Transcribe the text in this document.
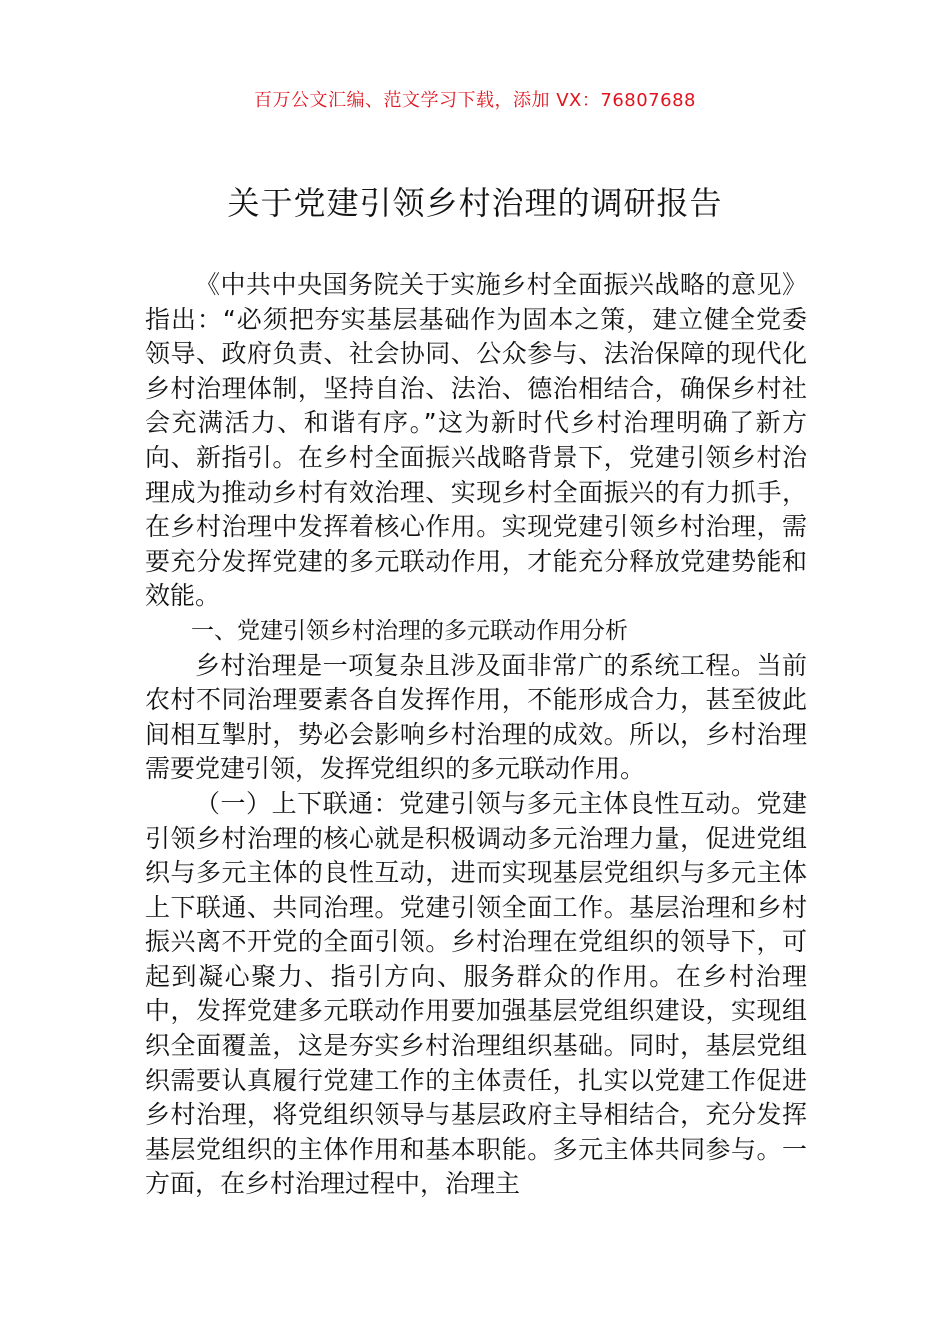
百万公文汇编、范文学习下载，添加 VX：76807688
关于党建引领乡村治理的调研报告

《中共中央国务院关于实施乡村全面振兴战略的意见》指出：“必须把夯实基层基础作为固本之策，建立健全党委领导、政府负责、社会协同、公众参与、法治保障的现代化乡村治理体制，坚持自治、法治、德治相结合，确保乡村社会充满活力、和谐有序。”这为新时代乡村治理明确了新方向、新指引。在乡村全面振兴战略背景下，党建引领乡村治理成为推动乡村有效治理、实现乡村全面振兴的有力抓手，在乡村治理中发挥着核心作用。实现党建引领乡村治理，需要充分发挥党建的多元联动作用，才能充分释放党建势能和效能。

一、党建引领乡村治理的多元联动作用分析

乡村治理是一项复杂且涉及面非常广的系统工程。当前农村不同治理要素各自发挥作用，不能形成合力，甚至彼此间相互掣肘，势必会影响乡村治理的成效。所以，乡村治理需要党建引领，发挥党组织的多元联动作用。

（一）上下联通：党建引领与多元主体良性互动。党建引领乡村治理的核心就是积极调动多元治理力量，促进党组织与多元主体的良性互动，进而实现基层党组织与多元主体上下联通、共同治理。党建引领全面工作。基层治理和乡村振兴离不开党的全面引领。乡村治理在党组织的领导下，可起到凝心聚力、指引方向、服务群众的作用。在乡村治理中，发挥党建多元联动作用要加强基层党组织建设，实现组织全面覆盖，这是夯实乡村治理组织基础。同时，基层党组织需要认真履行党建工作的主体责任，扎实以党建工作促进乡村治理，将党组织领导与基层政府主导相结合，充分发挥基层党组织的主体作用和基本职能。多元主体共同参与。一方面，在乡村治理过程中，治理主
